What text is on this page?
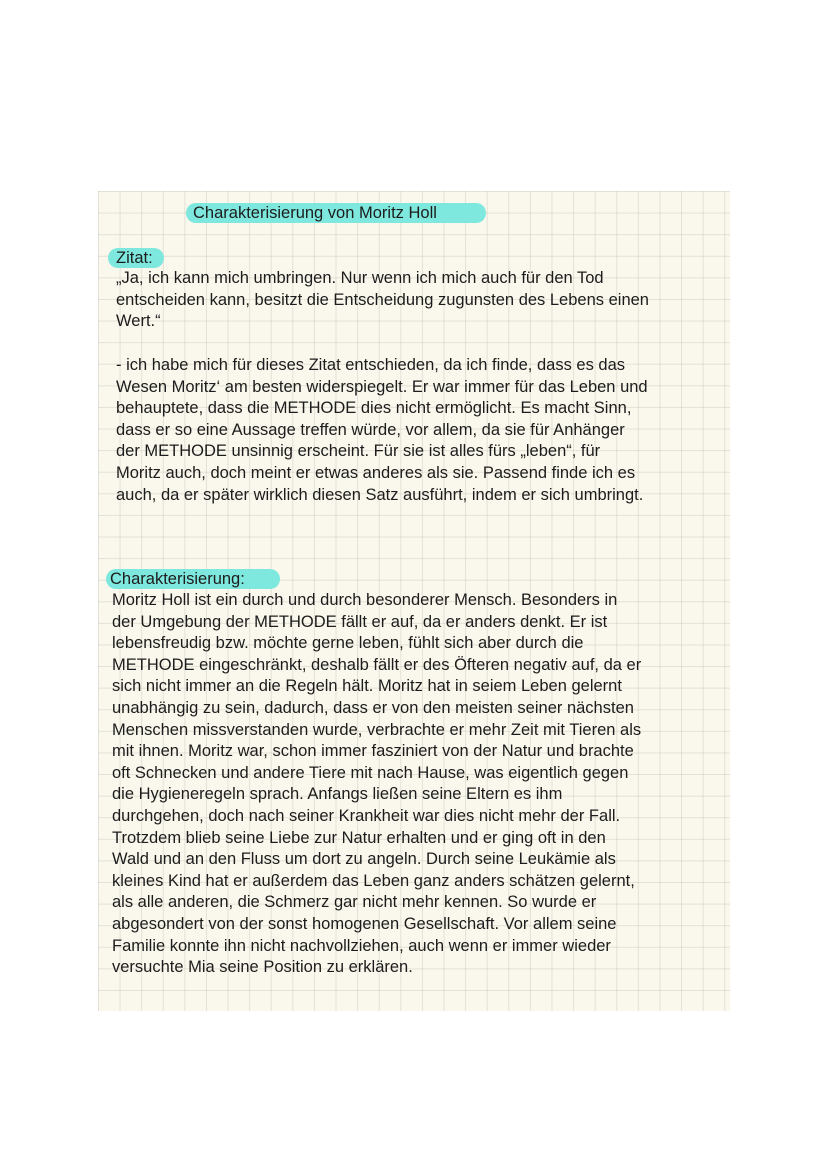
Charakterisierung von Moritz Holl
Zitat:

„Ja, ich kann mich umbringen. Nur wenn ich mich auch für den Tod
entscheiden kann, besitzt die Entscheidung zugunsten des Lebens einen
Wert.“

- ich habe mich für dieses Zitat entschieden, da ich finde, dass es das
Wesen Moritz‘ am besten widerspiegelt. Er war immer für das Leben und
behauptete, dass die METHODE dies nicht ermöglicht. Es macht Sinn,
dass er so eine Aussage treffen würde, vor allem, da sie für Anhänger
der METHODE unsinnig erscheint. Für sie ist alles fürs „leben“, für
Moritz auch, doch meint er etwas anderes als sie. Passend finde ich es
auch, da er später wirklich diesen Satz ausführt, indem er sich umbringt.

Charakterisierung:

Moritz Holl ist ein durch und durch besonderer Mensch. Besonders in
der Umgebung der METHODE fällt er auf, da er anders denkt. Er ist
lebensfreudig bzw. möchte gerne leben, fühlt sich aber durch die
METHODE eingeschränkt, deshalb fällt er des Öfteren negativ auf, da er
sich nicht immer an die Regeln hält. Moritz hat in seiem Leben gelernt
unabhängig zu sein, dadurch, dass er von den meisten seiner nächsten
Menschen missverstanden wurde, verbrachte er mehr Zeit mit Tieren als
mit ihnen. Moritz war, schon immer fasziniert von der Natur und brachte
oft Schnecken und andere Tiere mit nach Hause, was eigentlich gegen
die Hygieneregeln sprach. Anfangs ließen seine Eltern es ihm
durchgehen, doch nach seiner Krankheit war dies nicht mehr der Fall.
Trotzdem blieb seine Liebe zur Natur erhalten und er ging oft in den
Wald und an den Fluss um dort zu angeln. Durch seine Leukämie als
kleines Kind hat er außerdem das Leben ganz anders schätzen gelernt,
als alle anderen, die Schmerz gar nicht mehr kennen. So wurde er
abgesondert von der sonst homogenen Gesellschaft. Vor allem seine
Familie konnte ihn nicht nachvollziehen, auch wenn er immer wieder
versuchte Mia seine Position zu erklären.
